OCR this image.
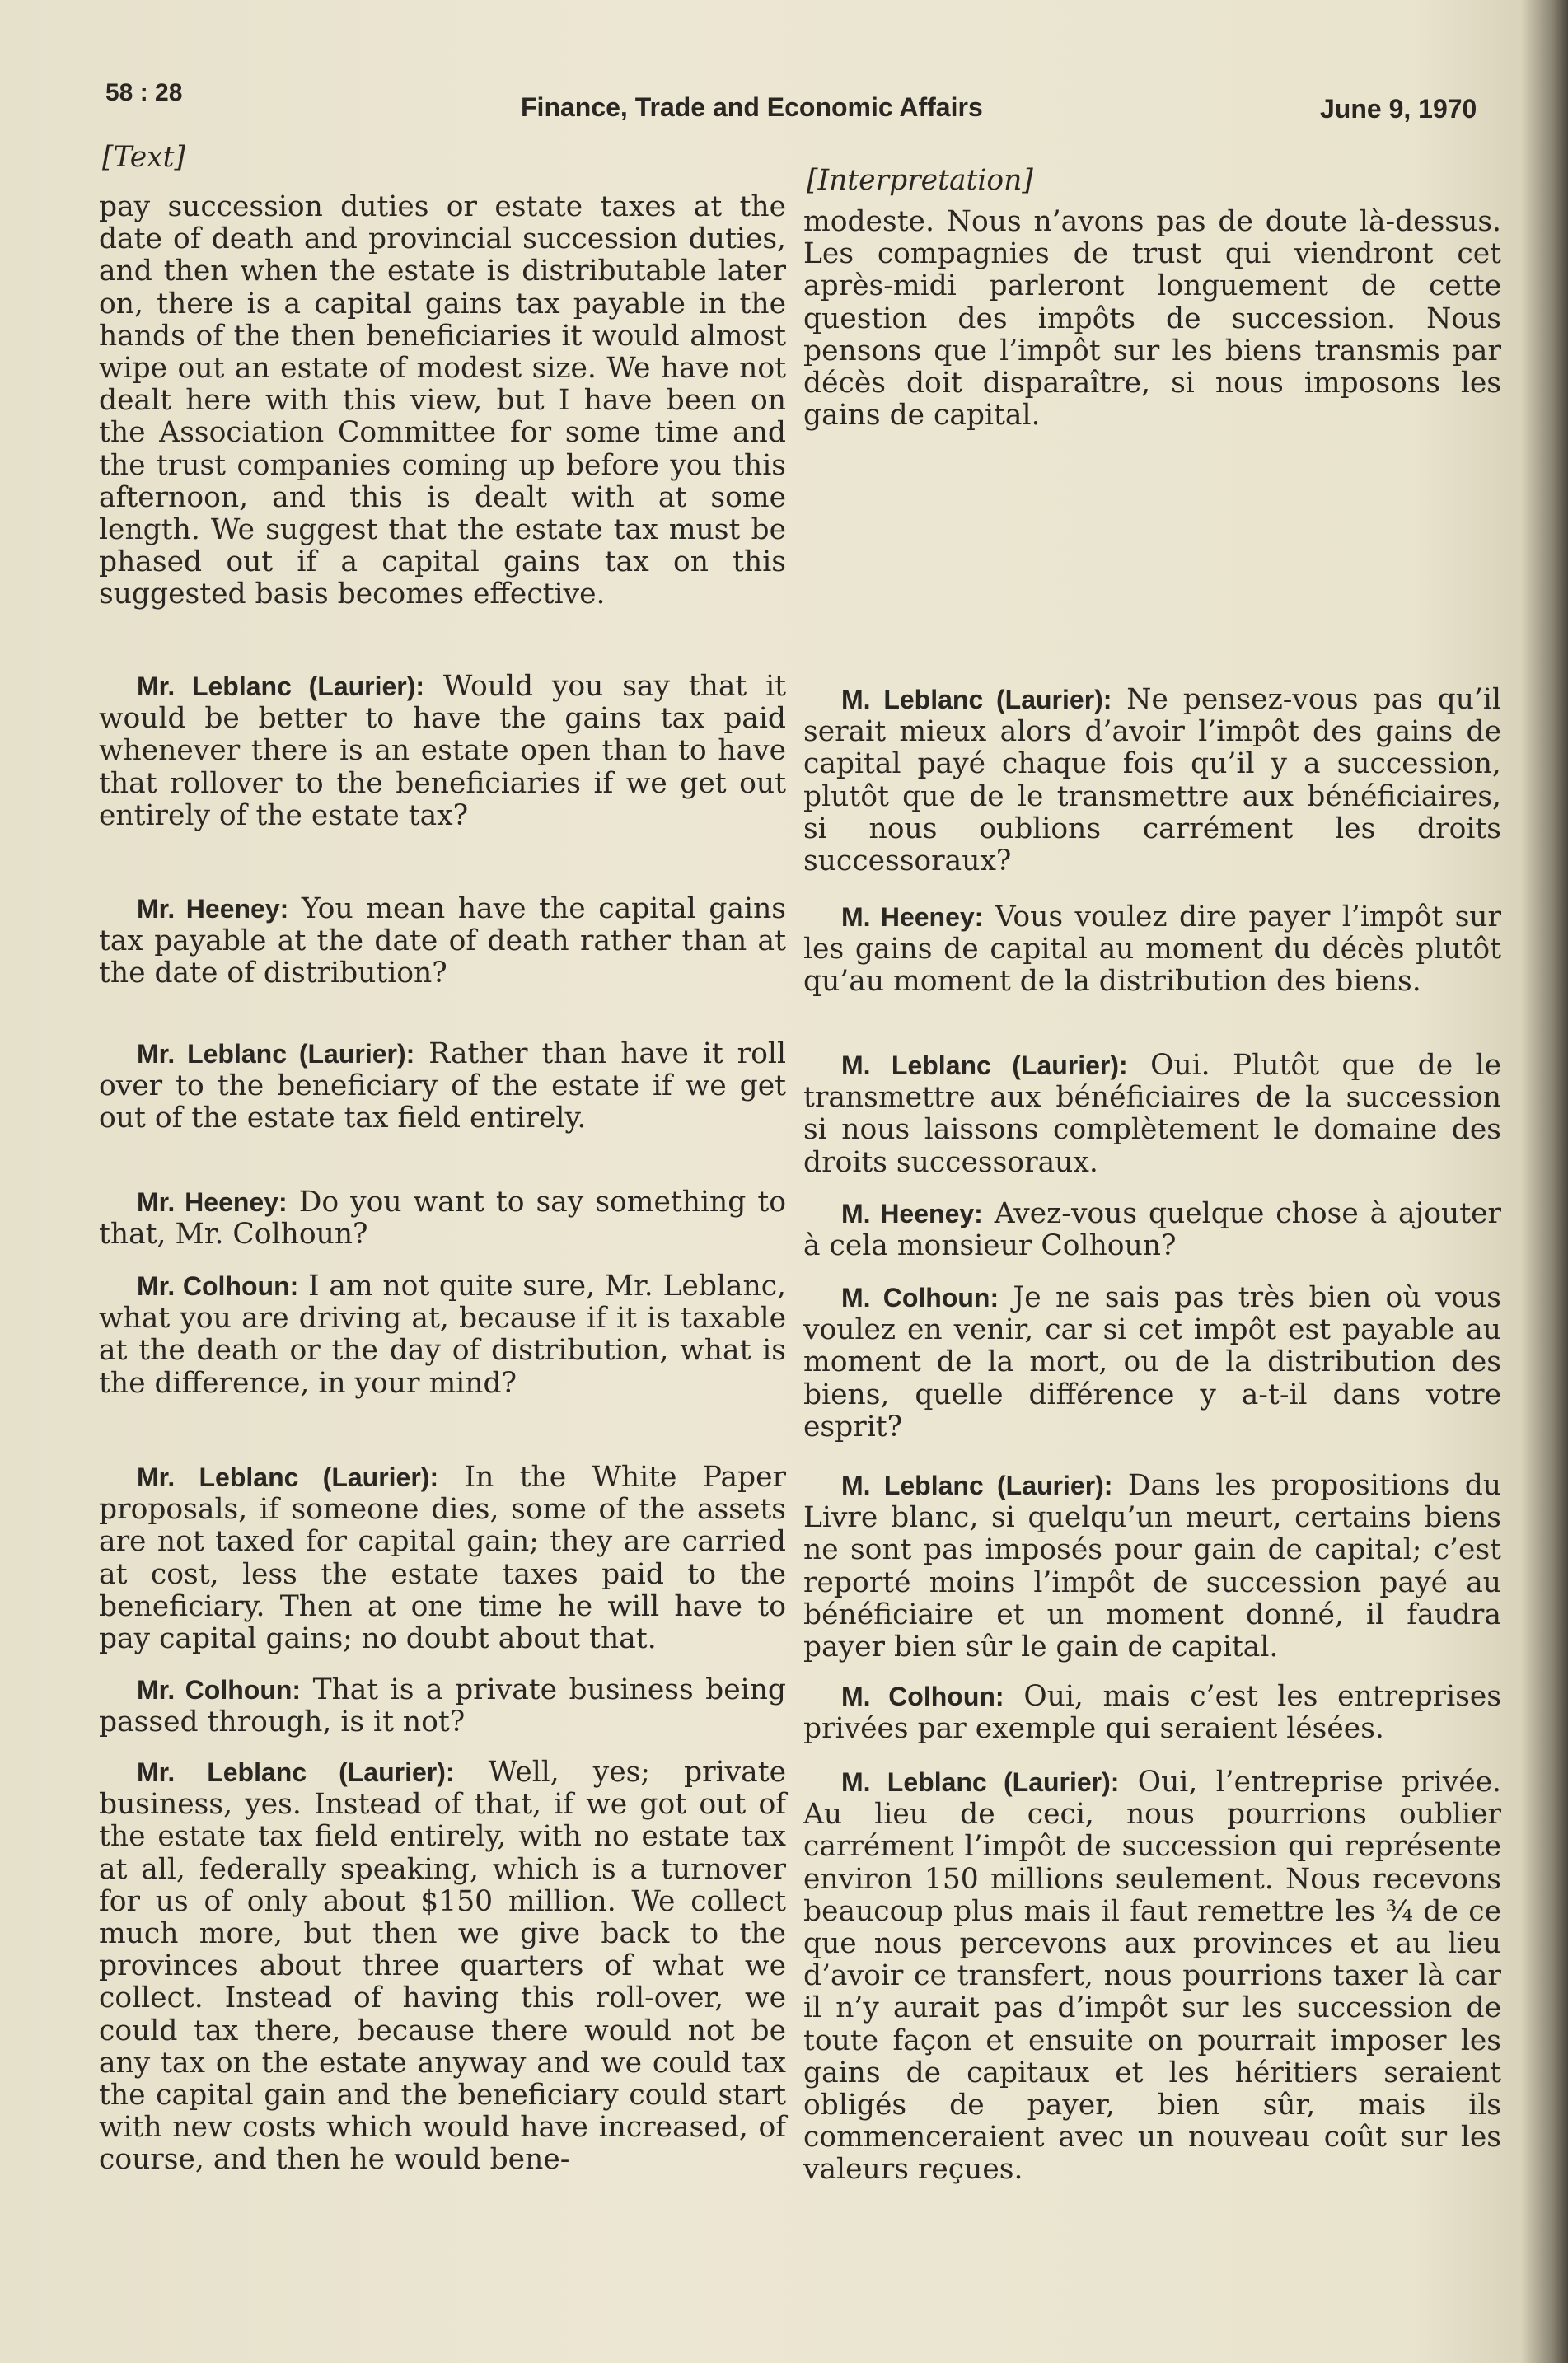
58 : 28	Finance, Trade and Economic Affairs	June 9, 1970
[Text]

pay succession duties or estate taxes at the date of death and provincial succession duties, and then when the estate is distributable later on, there is a capital gains tax payable in the hands of the then beneficiaries it would almost wipe out an estate of modest size. We have not dealt here with this view, but I have been on the Association Committee for some time and the trust companies coming up before you this afternoon, and this is dealt with at some length. We suggest that the estate tax must be phased out if a capital gains tax on this suggested basis becomes effective.

Mr. Leblanc (Laurier): Would you say that it would be better to have the gains tax paid whenever there is an estate open than to have that rollover to the beneficiaries if we get out entirely of the estate tax?

Mr. Heeney: You mean have the capital gains tax payable at the date of death rather than at the date of distribution?

Mr. Leblanc (Laurier): Rather than have it roll over to the beneficiary of the estate if we get out of the estate tax field entirely.

Mr. Heeney: Do you want to say something to that, Mr. Colhoun?

Mr. Colhoun: I am not quite sure, Mr. Leblanc, what you are driving at, because if it is taxable at the death or the day of distribution, what is the difference, in your mind?

Mr. Leblanc (Laurier): In the White Paper proposals, if someone dies, some of the assets are not taxed for capital gain; they are carried at cost, less the estate taxes paid to the beneficiary. Then at one time he will have to pay capital gains; no doubt about that.

Mr. Colhoun: That is a private business being passed through, is it not?

Mr. Leblanc (Laurier): Well, yes; private business, yes. Instead of that, if we got out of the estate tax field entirely, with no estate tax at all, federally speaking, which is a turnover for us of only about $150 million. We collect much more, but then we give back to the provinces about three quarters of what we collect. Instead of having this roll-over, we could tax there, because there would not be any tax on the estate anyway and we could tax the capital gain and the beneficiary could start with new costs which would have increased, of course, and then he would bene-

[Interpretation]

modeste. Nous n’avons pas de doute là-dessus. Les compagnies de trust qui viendront cet après-midi parleront longuement de cette question des impôts de succession. Nous pensons que l’impôt sur les biens transmis par décès doit disparaître, si nous imposons les gains de capital.

M. Leblanc (Laurier): Ne pensez-vous pas qu’il serait mieux alors d’avoir l’impôt des gains de capital payé chaque fois qu’il y a succession, plutôt que de le transmettre aux bénéficiaires, si nous oublions carrément les droits successoraux?

M. Heeney: Vous voulez dire payer l’impôt sur les gains de capital au moment du décès plutôt qu’au moment de la distribution des biens.

M. Leblanc (Laurier): Oui. Plutôt que de le transmettre aux bénéficiaires de la succession si nous laissons complètement le domaine des droits successoraux.

M. Heeney: Avez-vous quelque chose à ajouter à cela monsieur Colhoun?

M. Colhoun: Je ne sais pas très bien où vous voulez en venir, car si cet impôt est payable au moment de la mort, ou de la distribution des biens, quelle différence y a-t-il dans votre esprit?

M. Leblanc (Laurier): Dans les propositions du Livre blanc, si quelqu’un meurt, certains biens ne sont pas imposés pour gain de capital; c’est reporté moins l’impôt de succession payé au bénéficiaire et un moment donné, il faudra payer bien sûr le gain de capital.

M. Colhoun: Oui, mais c’est les entreprises privées par exemple qui seraient lésées.

M. Leblanc (Laurier): Oui, l’entreprise privée. Au lieu de ceci, nous pourrions oublier carrément l’impôt de succession qui représente environ 150 millions seulement. Nous recevons beaucoup plus mais il faut remettre les ¾ de ce que nous percevons aux provinces et au lieu d’avoir ce transfert, nous pourrions taxer là car il n’y aurait pas d’impôt sur les succession de toute façon et ensuite on pourrait imposer les gains de capitaux et les héritiers seraient obligés de payer, bien sûr, mais ils commenceraient avec un nouveau coût sur les valeurs reçues.
